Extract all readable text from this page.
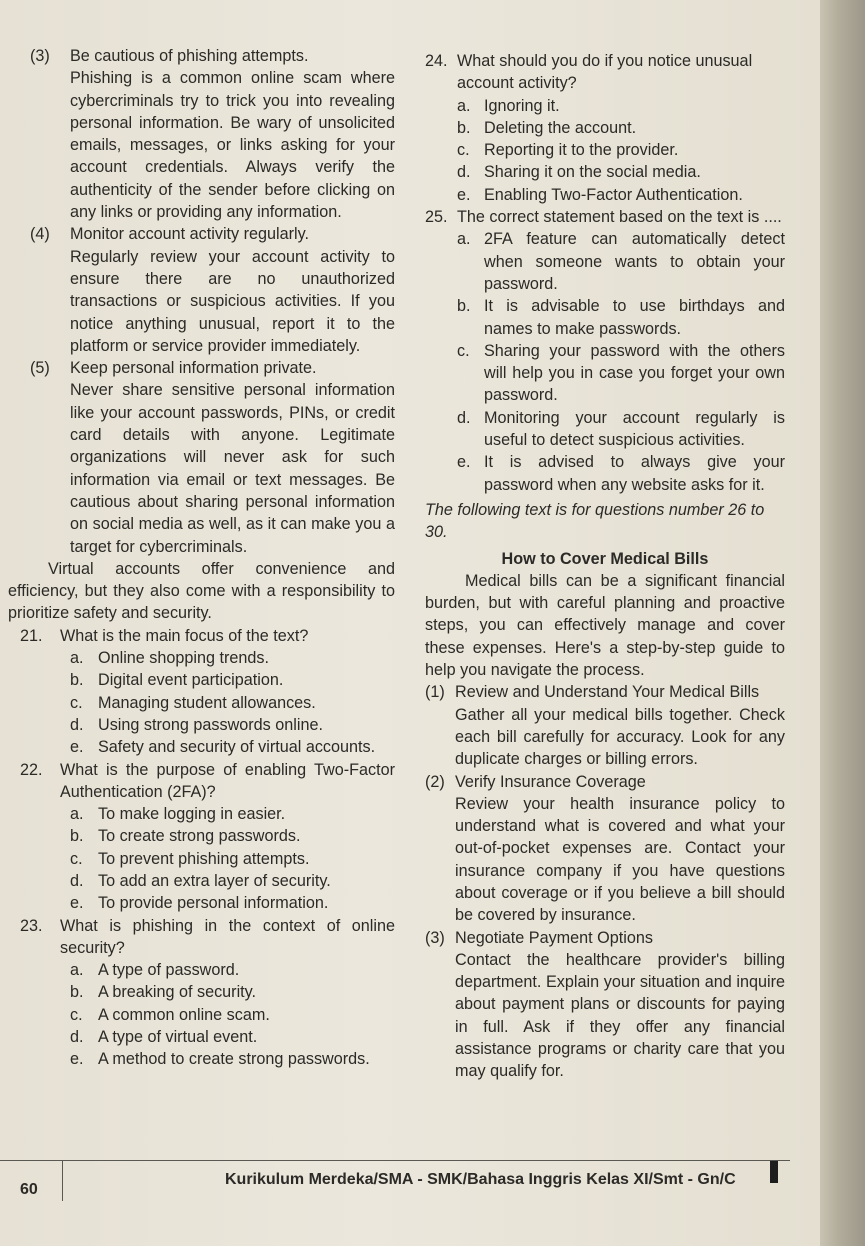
(3)	Be cautious of phishing attempts.

Phishing is a common online scam where cybercriminals try to trick you into revealing personal information. Be wary of unsolicited emails, messages, or links asking for your account credentials. Always verify the authenticity of the sender before clicking on any links or providing any information.

(4)	Monitor account activity regularly.

Regularly review your account activity to ensure there are no unauthorized transactions or suspicious activities. If you notice anything unusual, report it to the platform or service provider immediately.

(5)	Keep personal information private.

Never share sensitive personal information like your account passwords, PINs, or credit card details with anyone. Legitimate organizations will never ask for such information via email or text messages. Be cautious about sharing personal information on social media as well, as it can make you a target for cybercriminals.

Virtual accounts offer convenience and efficiency, but they also come with a responsibility to prioritize safety and security.

21.	What is the main focus of the text?
a. Online shopping trends.
b. Digital event participation.
c. Managing student allowances.
d. Using strong passwords online.
e. Safety and security of virtual accounts.
22.	What is the purpose of enabling Two-Factor Authentication (2FA)?
a. To make logging in easier.
b. To create strong passwords.
c. To prevent phishing attempts.
d. To add an extra layer of security.
e. To provide personal information.
23.	What is phishing in the context of online security?
a. A type of password.
b. A breaking of security.
c. A common online scam.
d. A type of virtual event.
e. A method to create strong passwords.
24. What should you do if you notice unusual account activity?
a. Ignoring it.
b. Deleting the account.
c. Reporting it to the provider.
d. Sharing it on the social media.
e. Enabling Two-Factor Authentication.
25. The correct statement based on the text is ....
a. 2FA feature can automatically detect when someone wants to obtain your password.
b. It is advisable to use birthdays and names to make passwords.
c. Sharing your password with the others will help you in case you forget your own password.
d. Monitoring your account regularly is useful to detect suspicious activities.
e. It is advised to always give your password when any website asks for it.

The following text is for questions number 26 to 30.

How to Cover Medical Bills

Medical bills can be a significant financial burden, but with careful planning and proactive steps, you can effectively manage and cover these expenses. Here's a step-by-step guide to help you navigate the process.

(1) Review and Understand Your Medical Bills

Gather all your medical bills together. Check each bill carefully for accuracy. Look for any duplicate charges or billing errors.

(2) Verify Insurance Coverage

Review your health insurance policy to understand what is covered and what your out-of-pocket expenses are. Contact your insurance company if you have questions about coverage or if you believe a bill should be covered by insurance.

(3) Negotiate Payment Options

Contact the healthcare provider's billing department. Explain your situation and inquire about payment plans or discounts for paying in full. Ask if they offer any financial assistance programs or charity care that you may qualify for.

60
Kurikulum Merdeka/SMA - SMK/Bahasa Inggris Kelas XI/Smt - Gn/C
